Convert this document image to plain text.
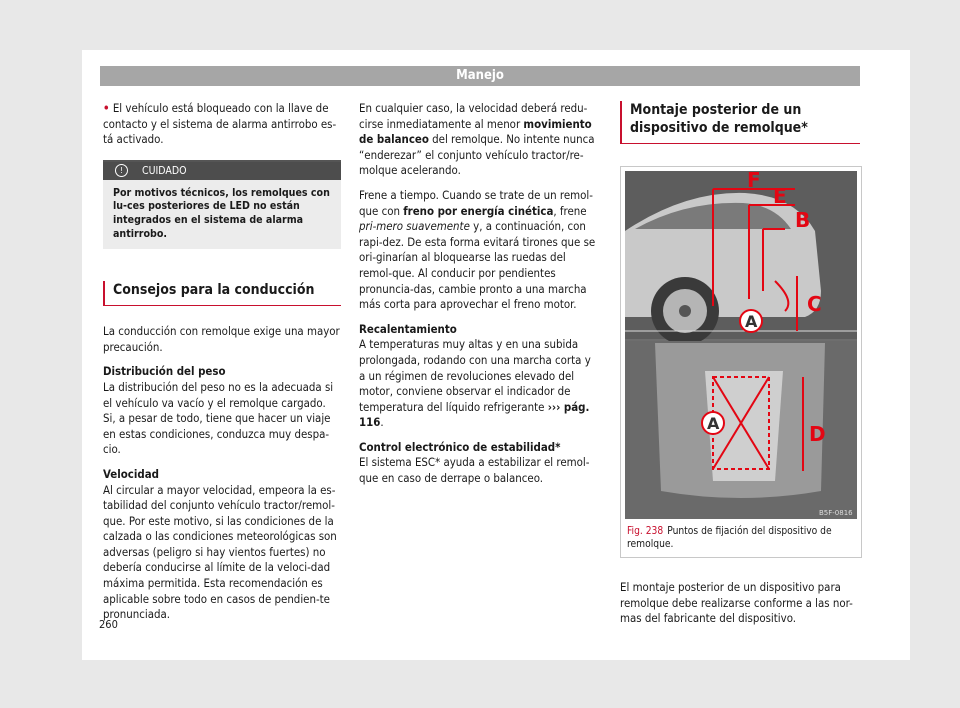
Manejo

• El vehículo está bloqueado con la llave de contacto y el sistema de alarma antirrobo es-tá activado.

! CUIDADO
Por motivos técnicos, los remolques con lu-ces posteriores de LED no están integrados en el sistema de alarma antirrobo.
Consejos para la conducción

La conducción con remolque exige una mayor precaución.

Distribución del peso

La distribución del peso no es la adecuada si el vehículo va vacío y el remolque cargado. Si, a pesar de todo, tiene que hacer un viaje en estas condiciones, conduzca muy despa-cio.

Velocidad

Al circular a mayor velocidad, empeora la es-tabilidad del conjunto vehículo tractor/remol-que. Por este motivo, si las condiciones de la calzada o las condiciones meteorológicas son adversas (peligro si hay vientos fuertes) no debería conducirse al límite de la veloci-dad máxima permitida. Esta recomendación es aplicable sobre todo en casos de pendien-te pronunciada.

En cualquier caso, la velocidad deberá redu-cirse inmediatamente al menor movimiento de balanceo del remolque. No intente nunca “enderezar” el conjunto vehículo tractor/re-molque acelerando.

Frene a tiempo. Cuando se trate de un remol-que con freno por energía cinética, frene pri-mero suavemente y, a continuación, con rapi-dez. De esta forma evitará tirones que se ori-ginarían al bloquearse las ruedas del remol-que. Al conducir por pendientes pronuncia-das, cambie pronto a una marcha más corta para aprovechar el freno motor.

Recalentamiento

A temperaturas muy altas y en una subida prolongada, rodando con una marcha corta y a un régimen de revoluciones elevado del motor, conviene observar el indicador de temperatura del líquido refrigerante ››› pág. 116.

Control electrónico de estabilidad*

El sistema ESC* ayuda a estabilizar el remol-que en caso de derrape o balanceo.

Montaje posterior de un dispositivo de remolque*
F
E
B
C
A
D
A
B5F-0816
Fig. 238 Puntos de fijación del dispositivo de remolque.

El montaje posterior de un dispositivo para remolque debe realizarse conforme a las nor-mas del fabricante del dispositivo.

260
